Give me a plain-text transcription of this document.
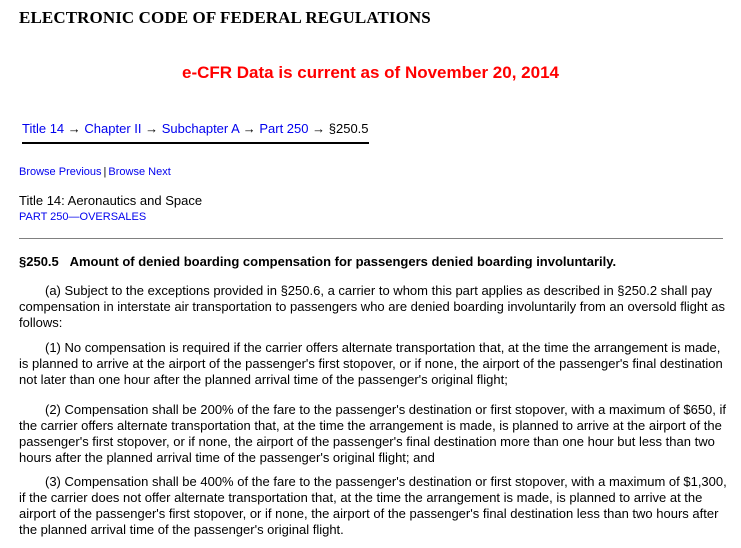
ELECTRONIC CODE OF FEDERAL REGULATIONS
e-CFR Data is current as of November 20, 2014
Title 14 → Chapter II → Subchapter A → Part 250 → §250.5
Browse Previous | Browse Next
Title 14: Aeronautics and Space
PART 250—OVERSALES
§250.5 Amount of denied boarding compensation for passengers denied boarding involuntarily.

(a) Subject to the exceptions provided in §250.6, a carrier to whom this part applies as described in §250.2 shall pay compensation in interstate air transportation to passengers who are denied boarding involuntarily from an oversold flight as follows:

(1) No compensation is required if the carrier offers alternate transportation that, at the time the arrangement is made, is planned to arrive at the airport of the passenger's first stopover, or if none, the airport of the passenger's final destination not later than one hour after the planned arrival time of the passenger's original flight;

(2) Compensation shall be 200% of the fare to the passenger's destination or first stopover, with a maximum of $650, if the carrier offers alternate transportation that, at the time the arrangement is made, is planned to arrive at the airport of the passenger's first stopover, or if none, the airport of the passenger's final destination more than one hour but less than two hours after the planned arrival time of the passenger's original flight; and

(3) Compensation shall be 400% of the fare to the passenger's destination or first stopover, with a maximum of $1,300, if the carrier does not offer alternate transportation that, at the time the arrangement is made, is planned to arrive at the airport of the passenger's first stopover, or if none, the airport of the passenger's final destination less than two hours after the planned arrival time of the passenger's original flight.
